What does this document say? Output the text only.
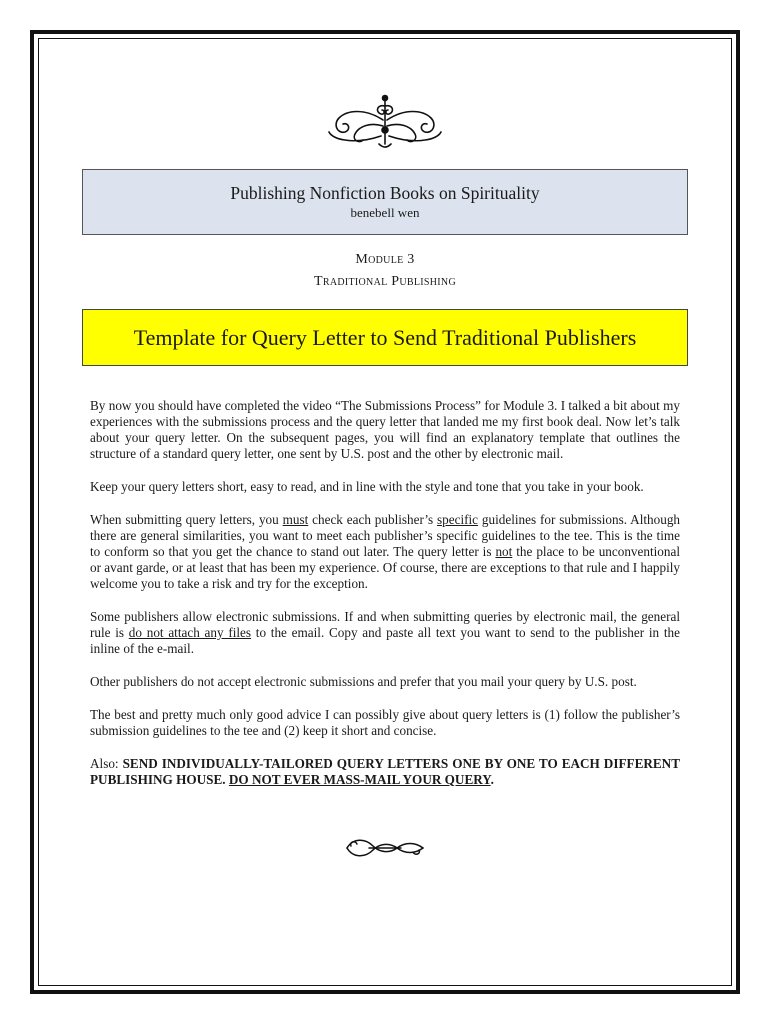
Publishing Nonfiction Books on Spirituality
benebell wen
Module 3
Traditional Publishing
Template for Query Letter to Send Traditional Publishers

By now you should have completed the video “The Submissions Process” for Module 3. I talked a bit about my experiences with the submissions process and the query letter that landed me my first book deal. Now let’s talk about your query letter. On the subsequent pages, you will find an explanatory template that outlines the structure of a standard query letter, one sent by U.S. post and the other by electronic mail.

Keep your query letters short, easy to read, and in line with the style and tone that you take in your book.

When submitting query letters, you must check each publisher’s specific guidelines for submissions. Although there are general similarities, you want to meet each publisher’s specific guidelines to the tee. This is the time to conform so that you get the chance to stand out later. The query letter is not the place to be unconventional or avant garde, or at least that has been my experience. Of course, there are exceptions to that rule and I happily welcome you to take a risk and try for the exception.

Some publishers allow electronic submissions. If and when submitting queries by electronic mail, the general rule is do not attach any files to the email. Copy and paste all text you want to send to the publisher in the inline of the e-mail.

Other publishers do not accept electronic submissions and prefer that you mail your query by U.S. post.

The best and pretty much only good advice I can possibly give about query letters is (1) follow the publisher’s submission guidelines to the tee and (2) keep it short and concise.

Also: SEND INDIVIDUALLY-TAILORED QUERY LETTERS ONE BY ONE TO EACH DIFFERENT PUBLISHING HOUSE. DO NOT EVER MASS-MAIL YOUR QUERY.
